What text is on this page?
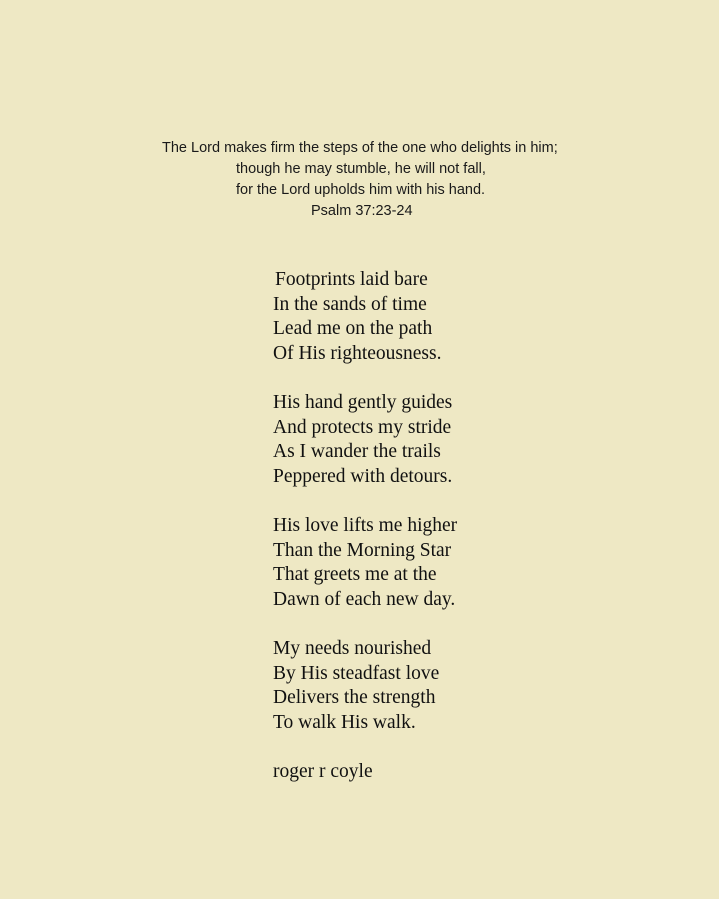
The Lord makes firm the steps of the one who delights in him;
though he may stumble, he will not fall,
for the Lord upholds him with his hand.
Psalm 37:23-24
Footprints laid bare
In the sands of time
Lead me on the path
Of His righteousness.
His hand gently guides
And protects my stride
As I wander the trails
Peppered with detours.
His love lifts me higher
Than the Morning Star
That greets me at the
Dawn of each new day.
My needs nourished
By His steadfast love
Delivers the strength
To walk His walk.
roger r coyle
